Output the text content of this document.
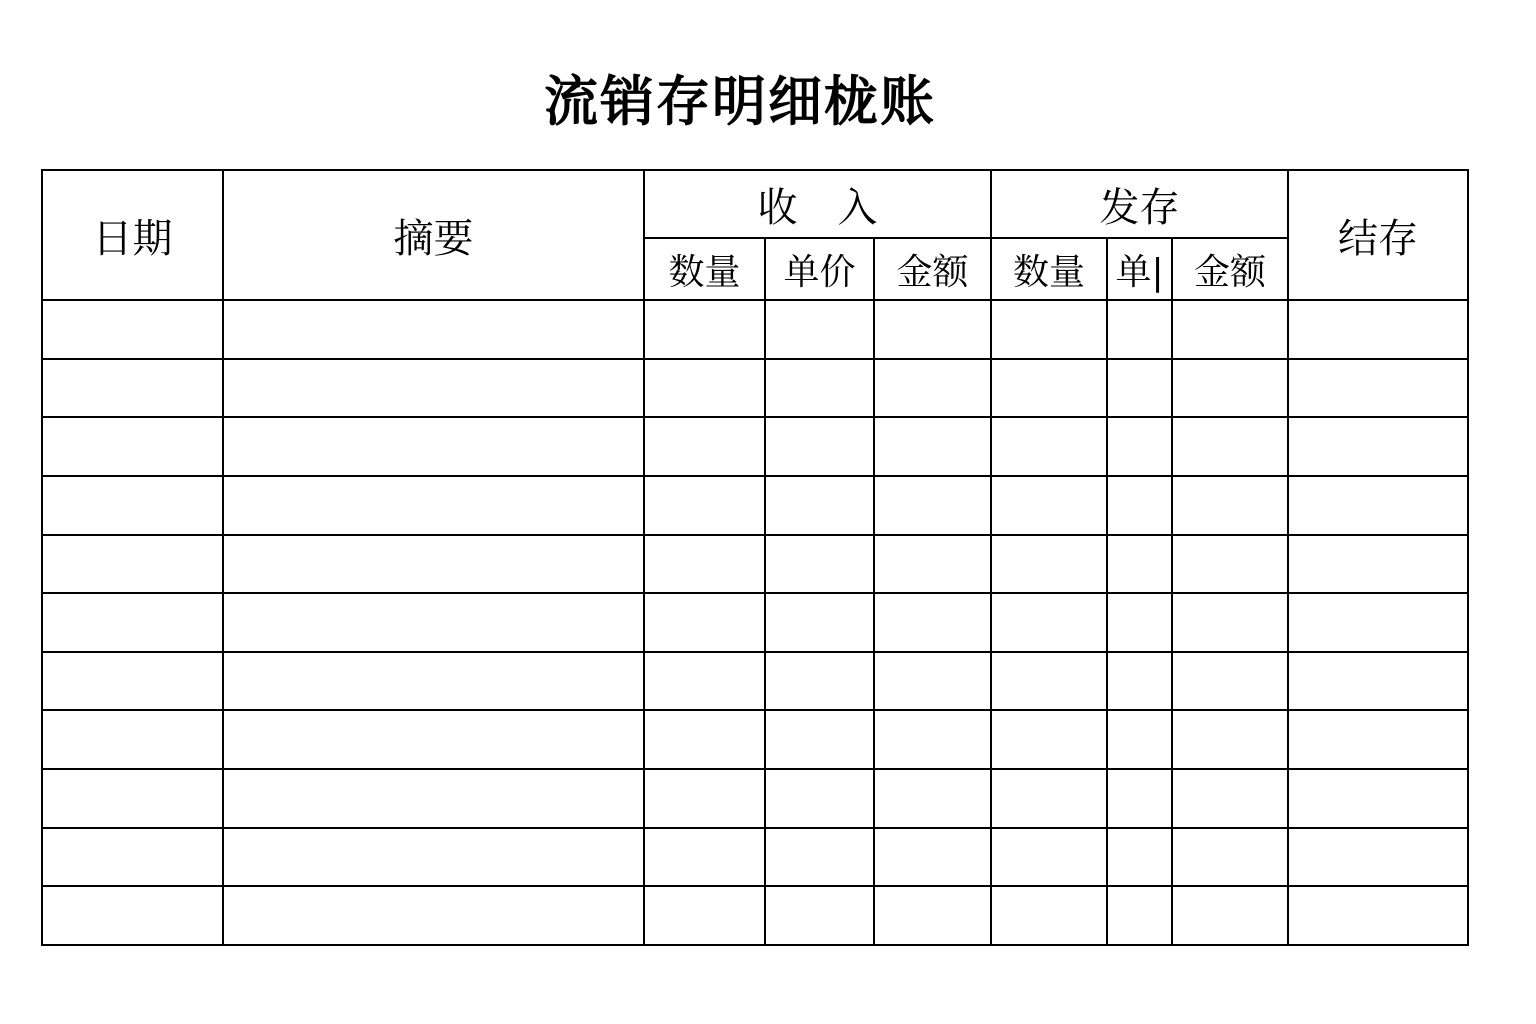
流销存明细栊账
日期	摘要	收　入			发存			结存
		数量	单价	金额	数量	单|	金额	
